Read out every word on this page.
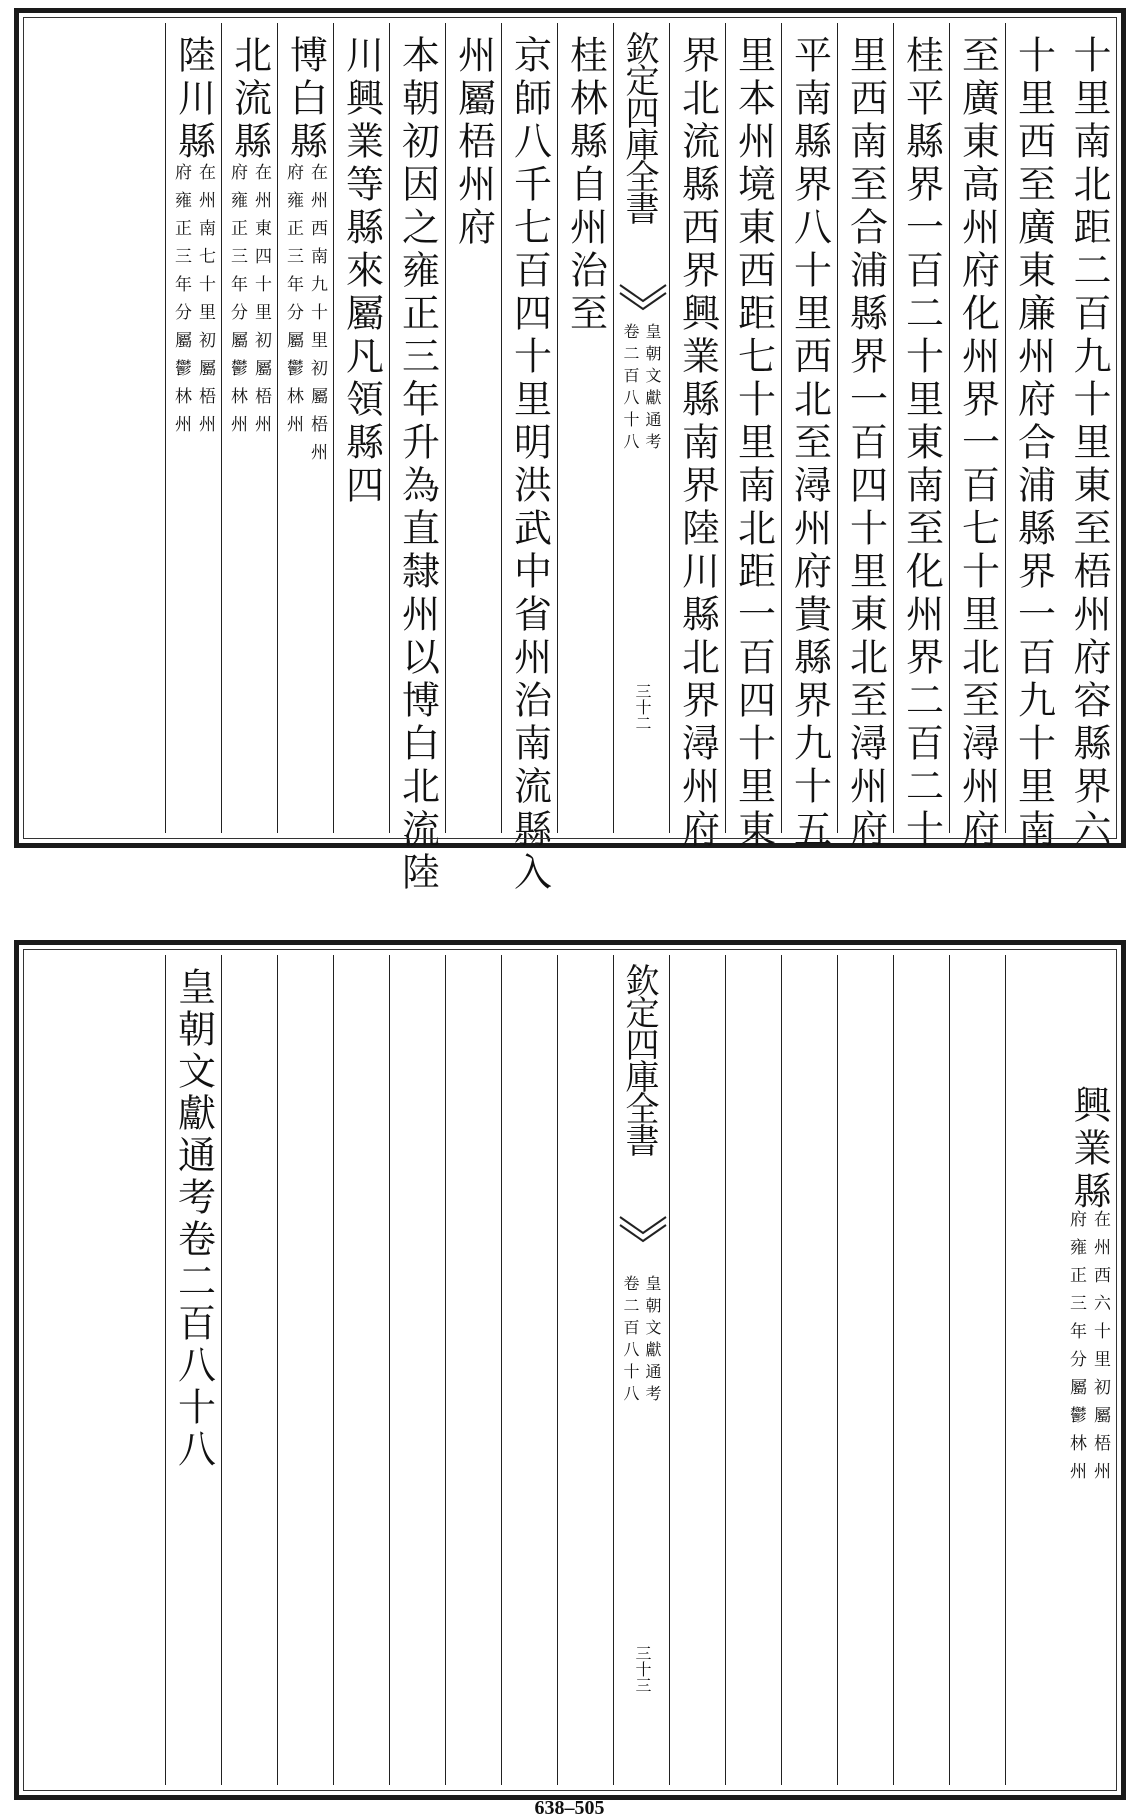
十里南北距二百九十里東至梧州府容縣界六
十里西至廣東廉州府合浦縣界一百九十里南
至廣東高州府化州界一百七十里北至潯州府
桂平縣界一百二十里東南至化州界二百二十
里西南至合浦縣界一百四十里東北至潯州府
平南縣界八十里西北至潯州府貴縣界九十五
里本州境東西距七十里南北距一百四十里東
界北流縣西界興業縣南界陸川縣北界潯州府
欽定四庫全書
皇朝文獻通考
卷二百八十八
三十二
桂林縣自州治至
京師八千七百四十里明洪武中省州治南流縣入
州屬梧州府
本朝初因之雍正三年升為直隸州以博白北流陸
川興業等縣來屬凡領縣四
博白縣
在州西南九十里初屬梧州
府雍正三年分屬鬱林州
北流縣
在州東四十里初屬梧州
府雍正三年分屬鬱林州
陸川縣
在州南七十里初屬梧州
府雍正三年分屬鬱林州
興業縣
在州西六十里初屬梧州
府雍正三年分屬鬱林州
欽定四庫全書
皇朝文獻通考
卷二百八十八
三十三
皇朝文獻通考卷二百八十八
638–505
